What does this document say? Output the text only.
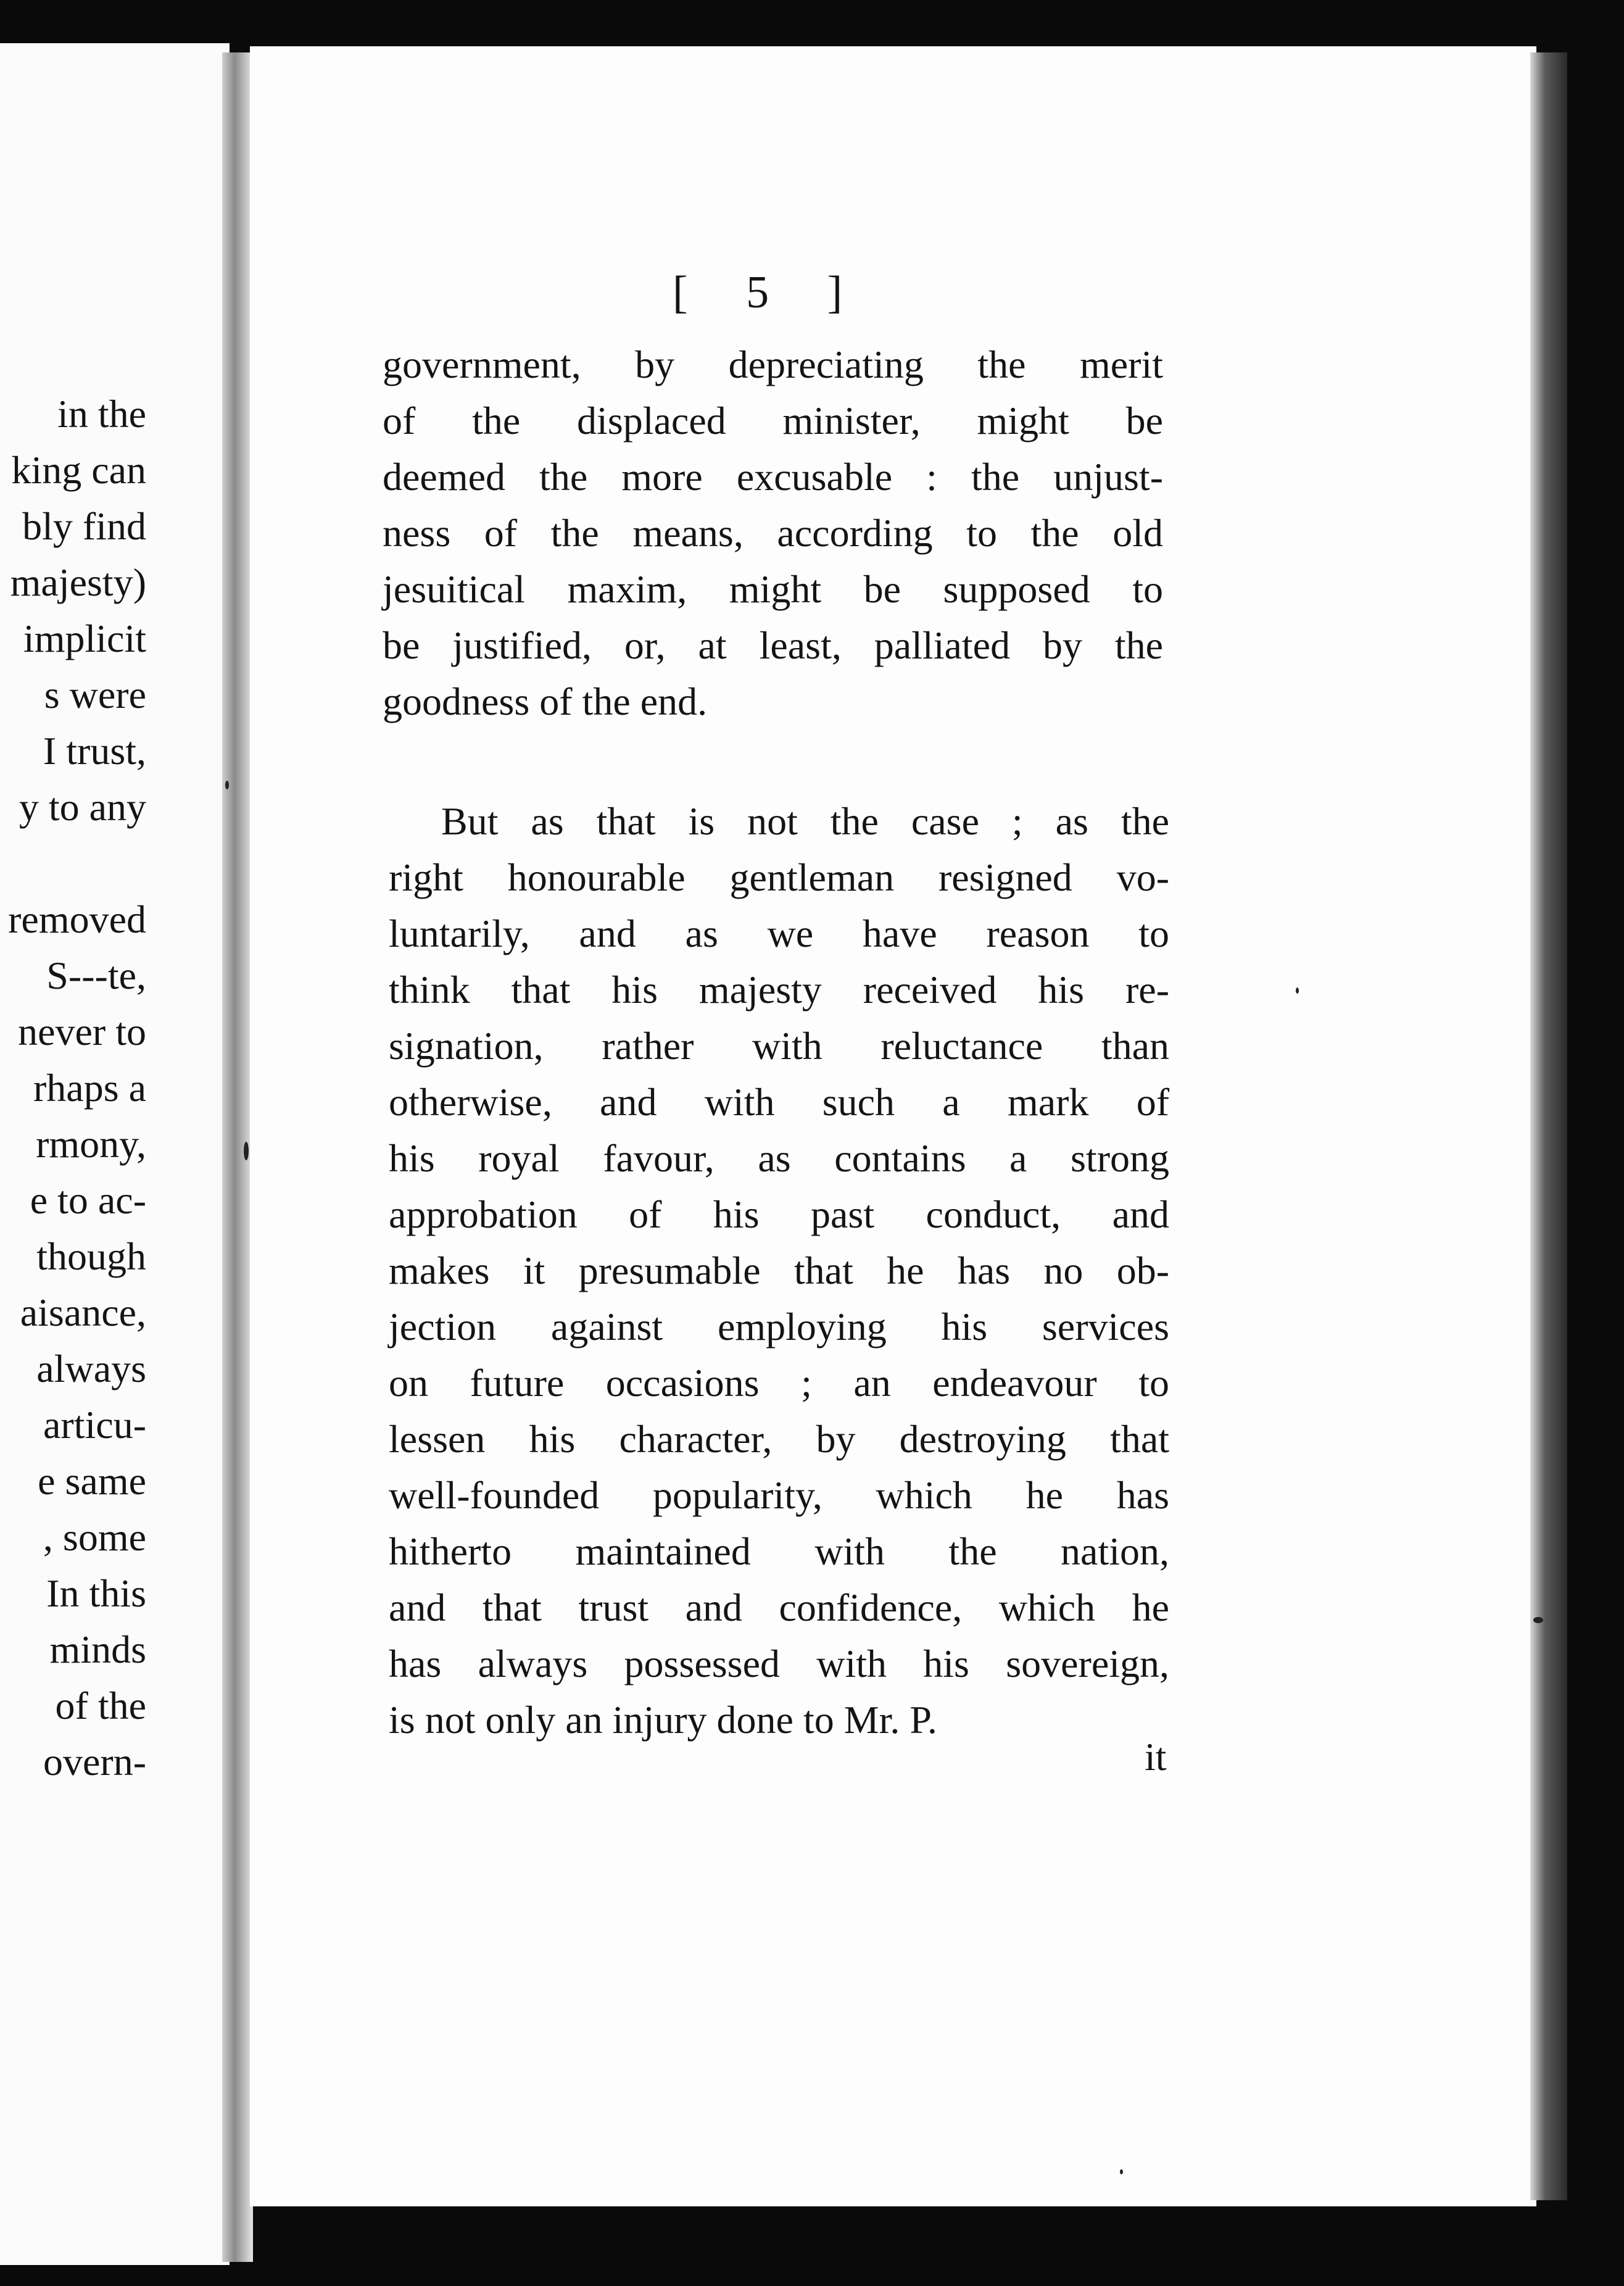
in the
king can
bly find
majesty)
implicit
s were
I trust,
y to any
removed
S---te,
never to
rhaps a
rmony,
e to ac-
though
aisance,
always
articu-
e same
, some
In this
minds
of the
overn-
[ 5 ]
government, by depreciating the merit
of the displaced minister, might be
deemed the more excusable : the unjust-
ness of the means, according to the old
jesuitical maxim, might be supposed to
be justified, or, at least, palliated by the
goodness of the end.
But as that is not the case ; as the
right honourable gentleman resigned vo-
luntarily, and as we have reason to
think that his majesty received his re-
signation, rather with reluctance than
otherwise, and with such a mark of
his royal favour, as contains a strong
approbation of his past conduct, and
makes it presumable that he has no ob-
jection against employing his services
on future occasions ; an endeavour to
lessen his character, by destroying that
well-founded popularity, which he has
hitherto maintained with the nation,
and that trust and confidence, which he
has always possessed with his sovereign,
is not only an injury done to Mr. P.
it
